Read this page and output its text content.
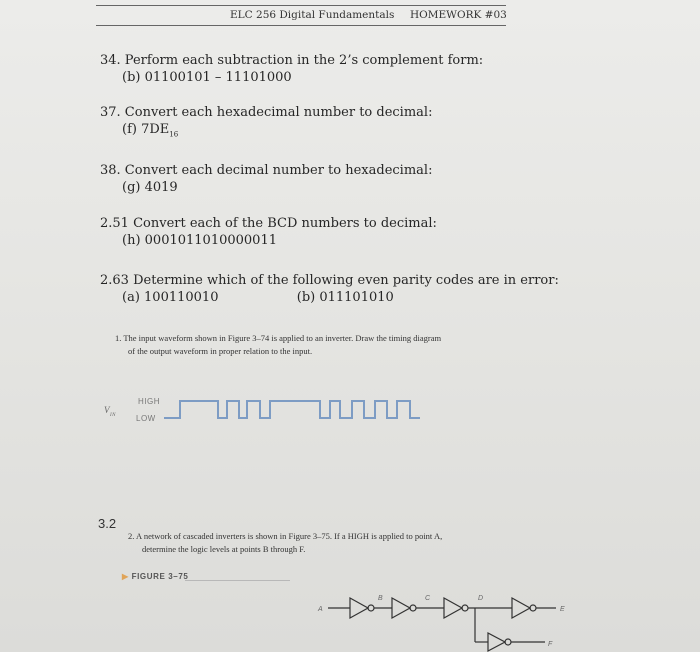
ELC 256 Digital Fundamentals HOMEWORK #03
34. Perform each subtraction in the 2’s complement form:
(b) 01100101 – 11101000
37. Convert each hexadecimal number to decimal:
(f) $7DE_{16}$
38. Convert each decimal number to hexadecimal:
(g) 4019
2.51 Convert each of the BCD numbers to decimal:
(h) 0001011010000011
2.63 Determine which of the following even parity codes are in error:
(a) 100110010	(b) 011101010
1. The input waveform shown in Figure 3–74 is applied to an inverter. Draw the timing diagram
of the output waveform in proper relation to the input.
$V_{IN}$
HIGH
LOW
3.2
2. A network of cascaded inverters is shown in Figure 3–75. If a HIGH is applied to point A,
determine the logic levels at points B through F.
▶ FIGURE 3–75
A
B	C	D
E
F
